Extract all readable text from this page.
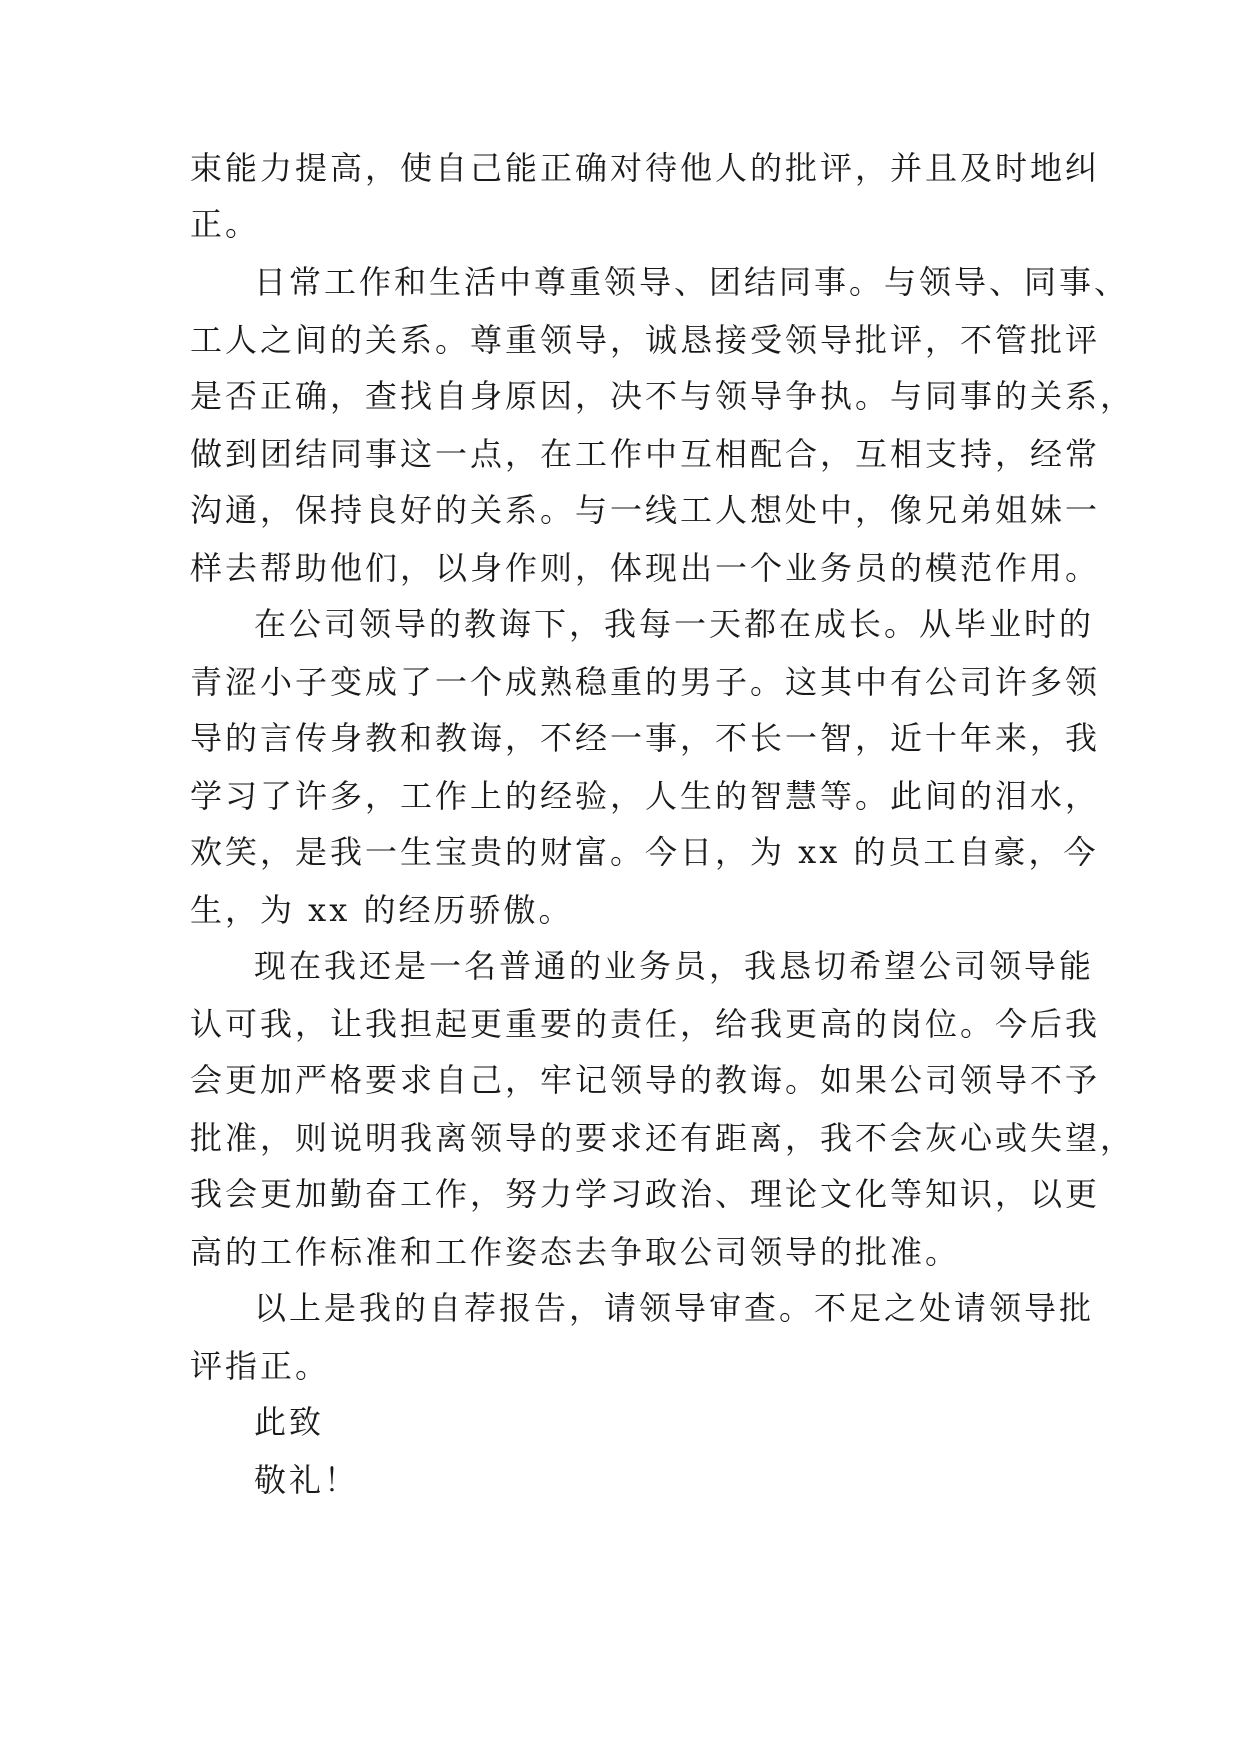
束能力提高，使自己能正确对待他人的批评，并且及时地纠
正。
日常工作和生活中尊重领导、团结同事。与领导、同事、
工人之间的关系。尊重领导，诚恳接受领导批评，不管批评
是否正确，查找自身原因，决不与领导争执。与同事的关系，
做到团结同事这一点，在工作中互相配合，互相支持，经常
沟通，保持良好的关系。与一线工人想处中，像兄弟姐妹一
样去帮助他们，以身作则，体现出一个业务员的模范作用。
在公司领导的教诲下，我每一天都在成长。从毕业时的
青涩小子变成了一个成熟稳重的男子。这其中有公司许多领
导的言传身教和教诲，不经一事，不长一智，近十年来，我
学习了许多，工作上的经验，人生的智慧等。此间的泪水，
欢笑，是我一生宝贵的财富。今日，为 xx 的员工自豪，今
生，为 xx 的经历骄傲。
现在我还是一名普通的业务员，我恳切希望公司领导能
认可我，让我担起更重要的责任，给我更高的岗位。今后我
会更加严格要求自己，牢记领导的教诲。如果公司领导不予
批准，则说明我离领导的要求还有距离，我不会灰心或失望，
我会更加勤奋工作，努力学习政治、理论文化等知识，以更
高的工作标准和工作姿态去争取公司领导的批准。
以上是我的自荐报告，请领导审查。不足之处请领导批
评指正。
此致
敬礼！
